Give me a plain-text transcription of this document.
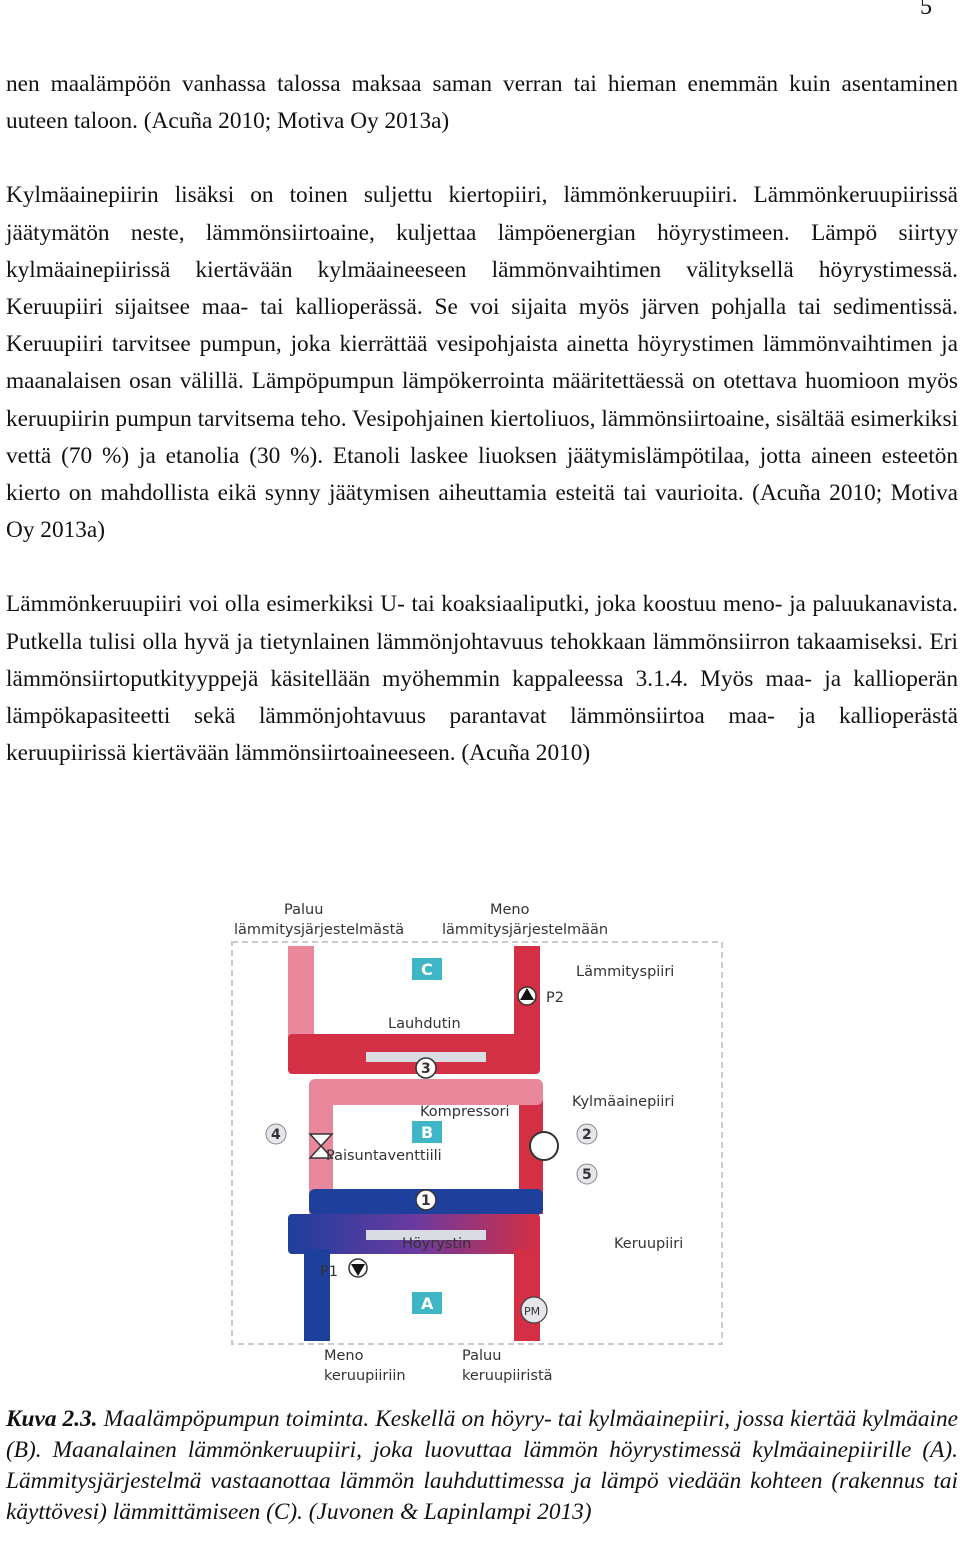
5

nen maalämpöön vanhassa talossa maksaa saman verran tai hieman enemmän kuin asentaminen uuteen taloon. (Acuña 2010; Motiva Oy 2013a)

Kylmäainepiirin lisäksi on toinen suljettu kiertopiiri, lämmönkeruupiiri. Lämmönkeruupiirissä jäätymätön neste, lämmönsiirtoaine, kuljettaa lämpöenergian höyrystimeen. Lämpö siirtyy kylmäainepiirissä kiertävään kylmäaineeseen lämmönvaihtimen välityksellä höyrystimessä. Keruupiiri sijaitsee maa- tai kallioperässä. Se voi sijaita myös järven pohjalla tai sedimentissä. Keruupiiri tarvitsee pumpun, joka kierrättää vesipohjaista ainetta höyrystimen lämmönvaihtimen ja maanalaisen osan välillä. Lämpöpumpun lämpökerrointa määritettäessä on otettava huomioon myös keruupiirin pumpun tarvitsema teho. Vesipohjainen kiertoliuos, lämmönsiirtoaine, sisältää esimerkiksi vettä (70 %) ja etanolia (30 %). Etanoli laskee liuoksen jäätymislämpötilaa, jotta aineen esteetön kierto on mahdollista eikä synny jäätymisen aiheuttamia esteitä tai vaurioita. (Acuña 2010; Motiva Oy 2013a)

Lämmönkeruupiiri voi olla esimerkiksi U- tai koaksiaaliputki, joka koostuu meno- ja paluukanavista. Putkella tulisi olla hyvä ja tietynlainen lämmönjohtavuus tehokkaan lämmönsiirron takaamiseksi. Eri lämmönsiirtoputkityyppejä käsitellään myöhemmin kappaleessa 3.1.4. Myös maa- ja kallioperän lämpökapasiteetti sekä lämmönjohtavuus parantavat lämmönsiirtoa maa- ja kallioperästä keruupiirissä kiertävään lämmönsiirtoaineeseen. (Acuña 2010)

C
B
A
3
4	2
5
1
Paluu
lämmitysjärjestelmästä
Meno
lämmitysjärjestelmään
Lämmityspiiri
P2
Lauhdutin
Kompressori
Kylmäainepiiri
Paisuntaventtiili
Höyrystin	Keruupiiri
P1
PM
Meno
keruupiiriin
Paluu
keruupiiristä

Kuva 2.3. Maalämpöpumpun toiminta. Keskellä on höyry- tai kylmäainepiiri, jossa kiertää kylmäaine (B). Maanalainen lämmönkeruupiiri, joka luovuttaa lämmön höyrystimessä kylmäainepiirille (A). Lämmitysjärjestelmä vastaanottaa lämmön lauhduttimessa ja lämpö viedään kohteen (rakennus tai käyttövesi) lämmittämiseen (C). (Juvonen & Lapinlampi 2013)
